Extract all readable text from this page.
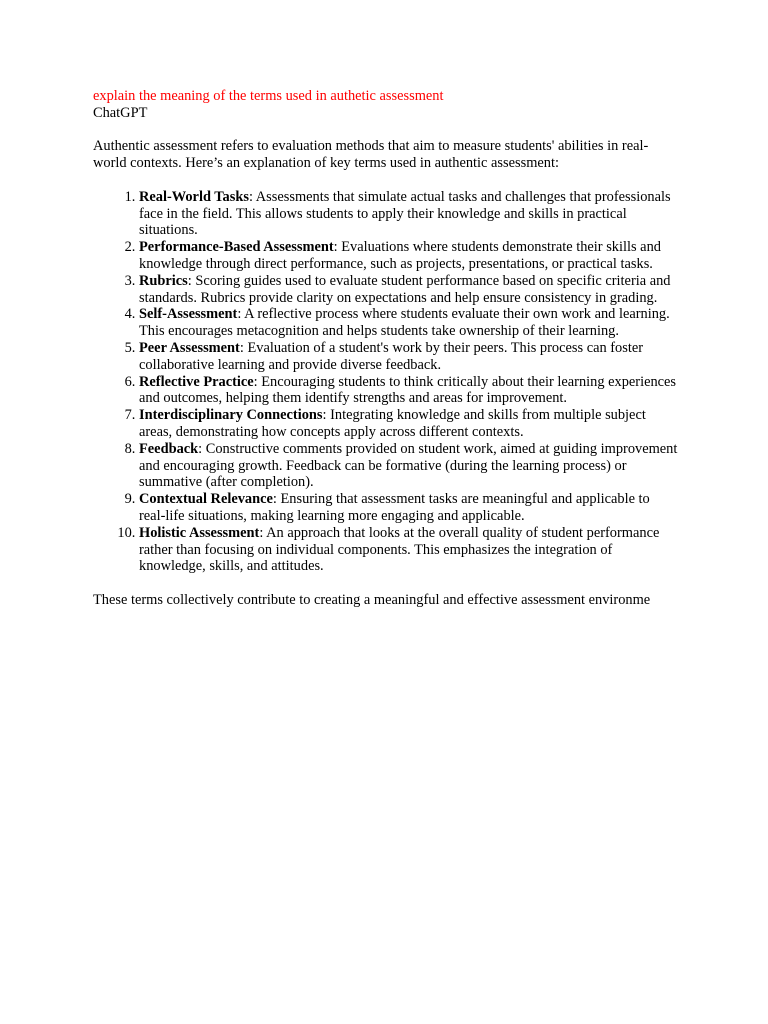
explain the meaning of the terms used in authetic assessment

ChatGPT

Authentic assessment refers to evaluation methods that aim to measure students' abilities in real-world contexts. Here’s an explanation of key terms used in authentic assessment:

1. Real-World Tasks: Assessments that simulate actual tasks and challenges that professionals face in the field. This allows students to apply their knowledge and skills in practical situations.
2. Performance-Based Assessment: Evaluations where students demonstrate their skills and knowledge through direct performance, such as projects, presentations, or practical tasks.
3. Rubrics: Scoring guides used to evaluate student performance based on specific criteria and standards. Rubrics provide clarity on expectations and help ensure consistency in grading.
4. Self-Assessment: A reflective process where students evaluate their own work and learning. This encourages metacognition and helps students take ownership of their learning.
5. Peer Assessment: Evaluation of a student's work by their peers. This process can foster collaborative learning and provide diverse feedback.
6. Reflective Practice: Encouraging students to think critically about their learning experiences and outcomes, helping them identify strengths and areas for improvement.
7. Interdisciplinary Connections: Integrating knowledge and skills from multiple subject areas, demonstrating how concepts apply across different contexts.
8. Feedback: Constructive comments provided on student work, aimed at guiding improvement and encouraging growth. Feedback can be formative (during the learning process) or summative (after completion).
9. Contextual Relevance: Ensuring that assessment tasks are meaningful and applicable to real-life situations, making learning more engaging and applicable.
10. Holistic Assessment: An approach that looks at the overall quality of student performance rather than focusing on individual components. This emphasizes the integration of knowledge, skills, and attitudes.

These terms collectively contribute to creating a meaningful and effective assessment environme
